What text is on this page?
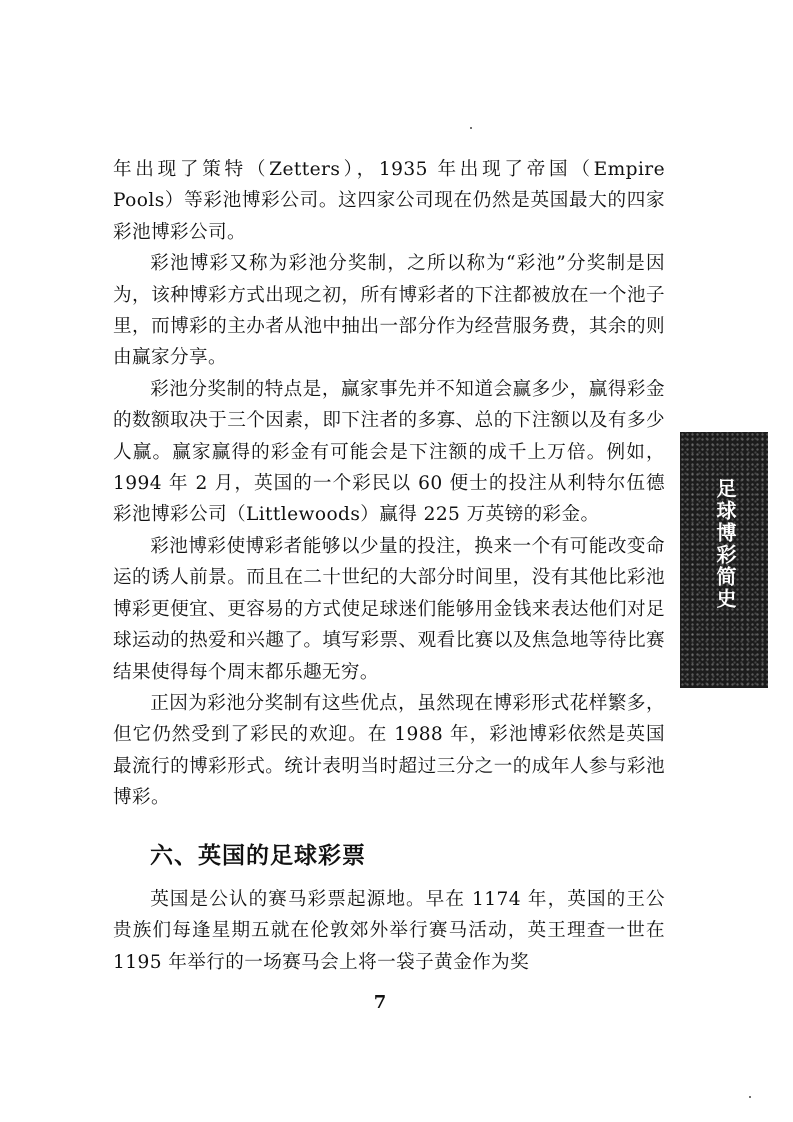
年出现了策特（Zetters），1935 年出现了帝国（Empire Pools）等彩池博彩公司。这四家公司现在仍然是英国最大的四家彩池博彩公司。

彩池博彩又称为彩池分奖制，之所以称为“彩池”分奖制是因为，该种博彩方式出现之初，所有博彩者的下注都被放在一个池子里，而博彩的主办者从池中抽出一部分作为经营服务费，其余的则由赢家分享。

彩池分奖制的特点是，赢家事先并不知道会赢多少，赢得彩金的数额取决于三个因素，即下注者的多寡、总的下注额以及有多少人赢。赢家赢得的彩金有可能会是下注额的成千上万倍。例如，1994 年 2 月，英国的一个彩民以 60 便士的投注从利特尔伍德彩池博彩公司（Littlewoods）赢得 225 万英镑的彩金。

彩池博彩使博彩者能够以少量的投注，换来一个有可能改变命运的诱人前景。而且在二十世纪的大部分时间里，没有其他比彩池博彩更便宜、更容易的方式使足球迷们能够用金钱来表达他们对足球运动的热爱和兴趣了。填写彩票、观看比赛以及焦急地等待比赛结果使得每个周末都乐趣无穷。

正因为彩池分奖制有这些优点，虽然现在博彩形式花样繁多，但它仍然受到了彩民的欢迎。在 1988 年，彩池博彩依然是英国最流行的博彩形式。统计表明当时超过三分之一的成年人参与彩池博彩。

六、英国的足球彩票

英国是公认的赛马彩票起源地。早在 1174 年，英国的王公贵族们每逢星期五就在伦敦郊外举行赛马活动，英王理查一世在 1195 年举行的一场赛马会上将一袋子黄金作为奖

7
足球博彩简史
